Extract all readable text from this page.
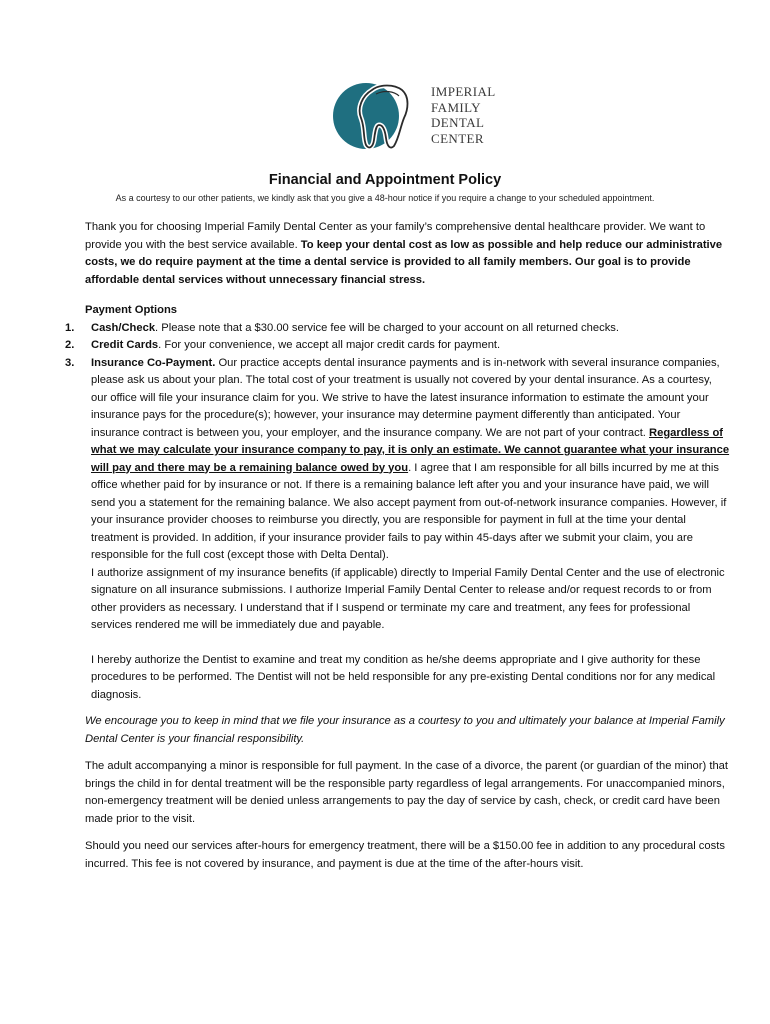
IMPERIAL
FAMILY
DENTAL
CENTER
Financial and Appointment Policy
As a courtesy to our other patients, we kindly ask that you give a 48-hour notice if you require a change to your scheduled appointment.

Thank you for choosing Imperial Family Dental Center as your family’s comprehensive dental healthcare provider. We want to provide you with the best service available. To keep your dental cost as low as possible and help reduce our administrative costs, we do require payment at the time a dental service is provided to all family members. Our goal is to provide affordable dental services without unnecessary financial stress.

Payment Options
1. Cash/Check. Please note that a $30.00 service fee will be charged to your account on all returned checks.
2. Credit Cards. For your convenience, we accept all major credit cards for payment.
3. Insurance Co-Payment. Our practice accepts dental insurance payments and is in-network with several insurance companies, please ask us about your plan. The total cost of your treatment is usually not covered by your dental insurance. As a courtesy, our office will file your insurance claim for you. We strive to have the latest insurance information to estimate the amount your insurance pays for the procedure(s); however, your insurance may determine payment differently than anticipated. Your insurance contract is between you, your employer, and the insurance company. We are not part of your contract. Regardless of what we may calculate your insurance company to pay, it is only an estimate. We cannot guarantee what your insurance will pay and there may be a remaining balance owed by you. I agree that I am responsible for all bills incurred by me at this office whether paid for by insurance or not. If there is a remaining balance left after you and your insurance have paid, we will send you a statement for the remaining balance. We also accept payment from out-of-network insurance companies. However, if your insurance provider chooses to reimburse you directly, you are responsible for payment in full at the time your dental treatment is provided. In addition, if your insurance provider fails to pay within 45-days after we submit your claim, you are responsible for the full cost (except those with Delta Dental).

I authorize assignment of my insurance benefits (if applicable) directly to Imperial Family Dental Center and the use of electronic signature on all insurance submissions. I authorize Imperial Family Dental Center to release and/or request records to or from other providers as necessary. I understand that if I suspend or terminate my care and treatment, any fees for professional services rendered me will be immediately due and payable.

I hereby authorize the Dentist to examine and treat my condition as he/she deems appropriate and I give authority for these procedures to be performed. The Dentist will not be held responsible for any pre-existing Dental conditions nor for any medical diagnosis.

We encourage you to keep in mind that we file your insurance as a courtesy to you and ultimately your balance at Imperial Family Dental Center is your financial responsibility.

The adult accompanying a minor is responsible for full payment. In the case of a divorce, the parent (or guardian of the minor) that brings the child in for dental treatment will be the responsible party regardless of legal arrangements. For unaccompanied minors, non-emergency treatment will be denied unless arrangements to pay the day of service by cash, check, or credit card have been made prior to the visit.

Should you need our services after-hours for emergency treatment, there will be a $150.00 fee in addition to any procedural costs incurred. This fee is not covered by insurance, and payment is due at the time of the after-hours visit.
